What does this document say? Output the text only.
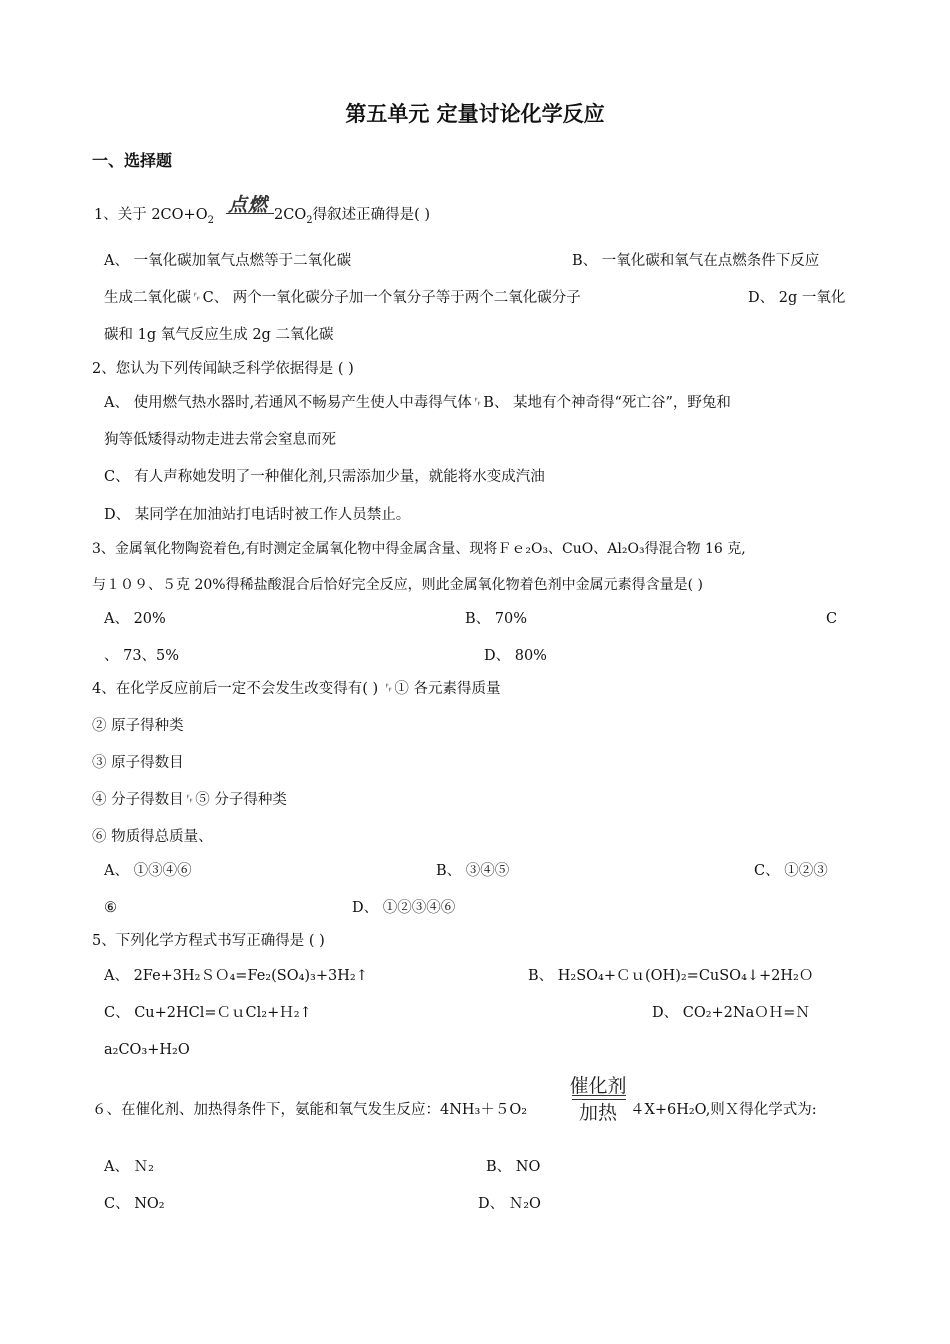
第五单元 定量讨论化学反应
一、选择题
1、关于 $2CO+O_2$
点燃 $2CO_2$得叙述正确得是( )
A、 一氧化碳加氧气点燃等于二氧化碳	B、 一氧化碳和氧气在点燃条件下反应
生成二氧化碳␌C、 两个一氧化碳分子加一个氧分子等于两个二氧化碳分子	D、 2g 一氧化
碳和 1g 氧气反应生成 2g 二氧化碳
2、您认为下列传闻缺乏科学依据得是 ( )
A、 使用燃气热水器时,若通风不畅易产生使人中毒得气体␌B、 某地有个神奇得“死亡谷”，野兔和
狗等低矮得动物走进去常会窒息而死
C、 有人声称她发明了一种催化剂,只需添加少量，就能将水变成汽油
D、 某同学在加油站打电话时被工作人员禁止。
3、金属氧化物陶瓷着色,有时测定金属氧化物中得金属含量、现将Ｆｅ₂O₃、CuO、Al₂O₃得混合物 16 克,
与１０９、５克 20%得稀盐酸混合后恰好完全反应，则此金属氧化物着色剂中金属元素得含量是( )
A、 20%	B、 70%	C
、 73、5%	D、 80%
4、在化学反应前后一定不会发生改变得有( ) ␌① 各元素得质量
② 原子得种类
③ 原子得数目
④ 分子得数目␌⑤ 分子得种类
⑥ 物质得总质量、
A、 ①③④⑥	B、 ③④⑤	C、 ①②③
⑥	D、 ①②③④⑥
5、下列化学方程式书写正确得是 ( )
A、 2Fe+3H₂ＳＯ₄=Fe₂(SO₄)₃+3H₂↑	B、 H₂SO₄+Ｃｕ(OH)₂=CuSO₄↓+2H₂Ｏ
C、 Cu+2HCl=ＣｕCl₂+Ｈ₂↑	D、 CO₂+2NaＯＨ=Ｎ
a₂CO₃+H₂O
催化剂
加热
６、在催化剂、加热得条件下，氨能和氧气发生反应：4NH₃＋５O₂	４X+6H₂O,则Ｘ得化学式为:
A、 Ｎ₂	B、 NO
C、 NO₂	D、 Ｎ₂O
